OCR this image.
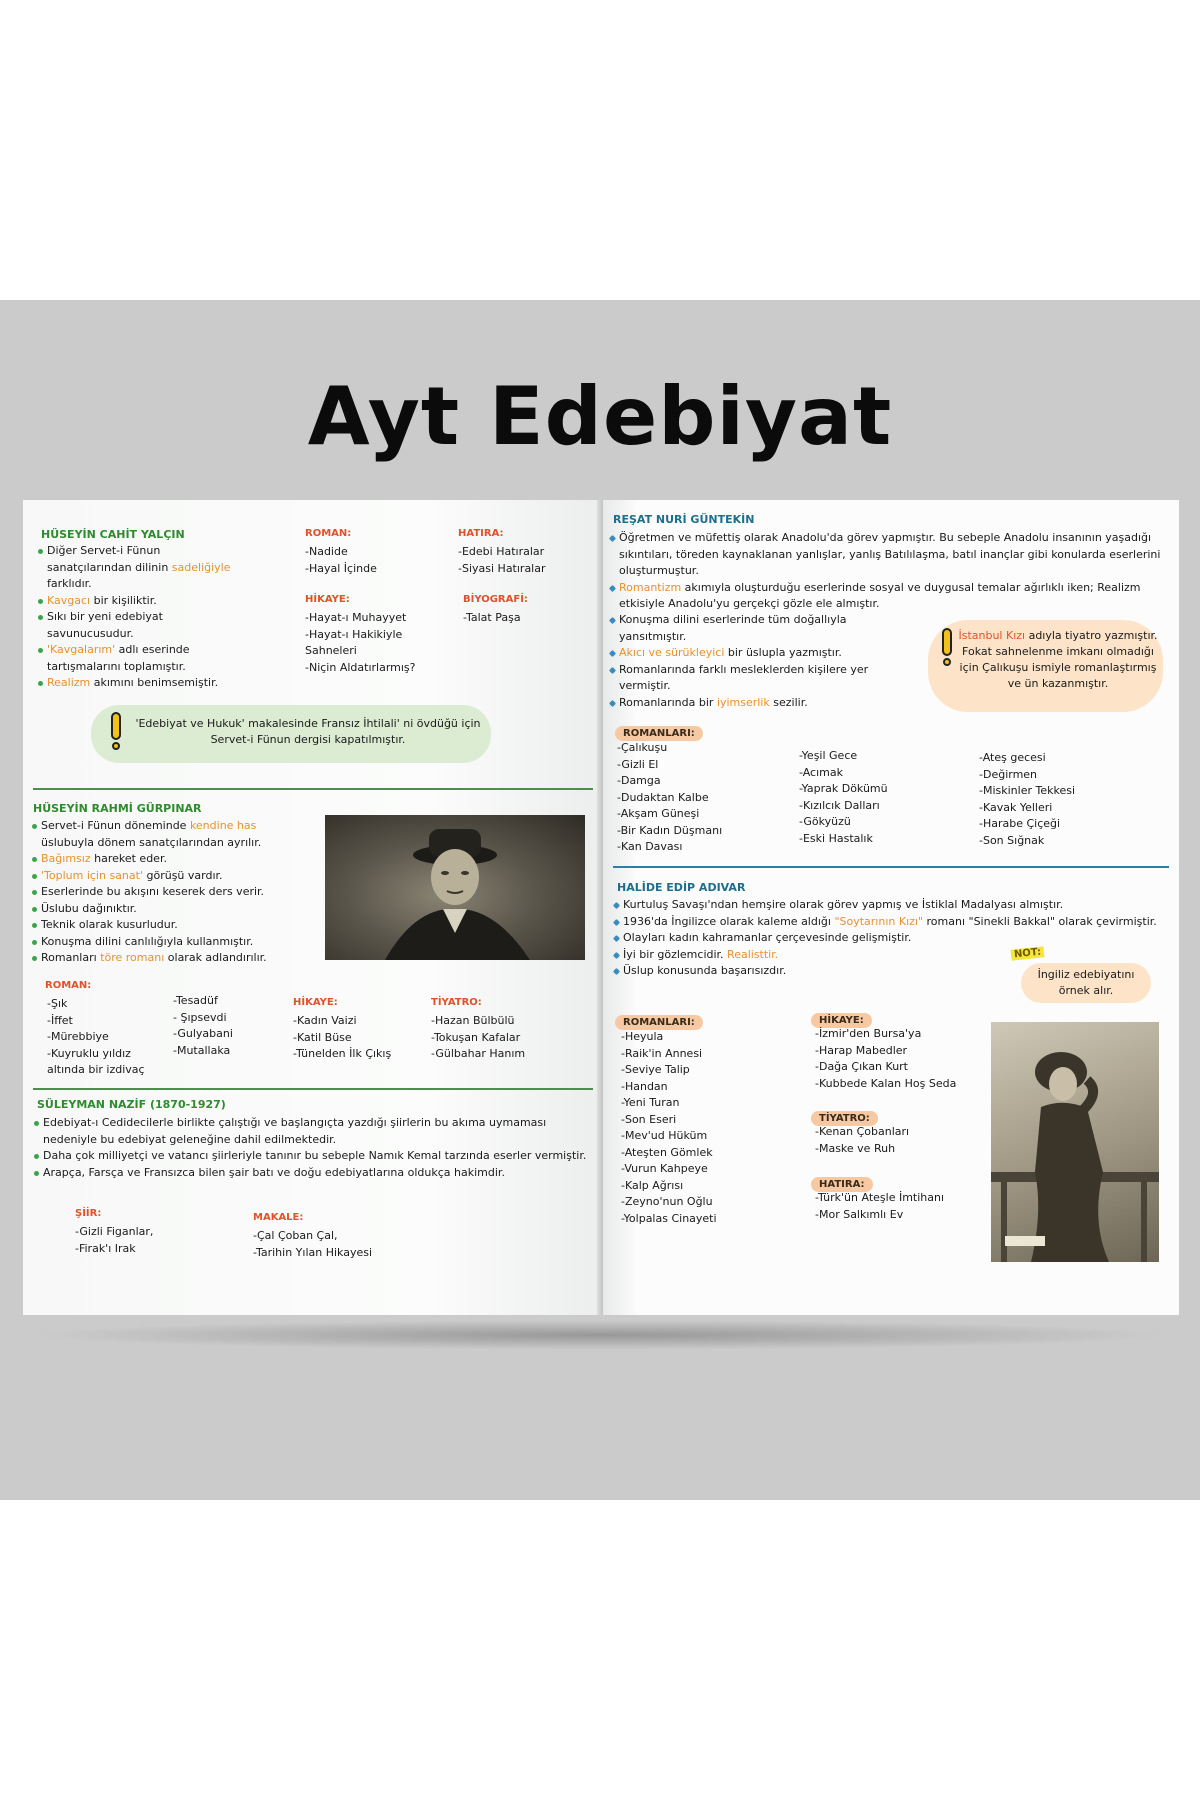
Ayt Edebiyat
HÜSEYİN CAHİT YALÇIN
Diğer Servet-i Fünun sanatçılarından dilinin sadeliğiyle farklıdır.
Kavgacı bir kişiliktir.
Sıkı bir yeni edebiyat savunucusudur.
'Kavgalarım' adlı eserinde tartışmalarını toplamıştır.
Realizm akımını benimsemiştir.
ROMAN:
-Nadide
-Hayal İçinde
HİKAYE:
-Hayat-ı Muhayyet
-Hayat-ı Hakikiyle
Sahneleri
-Niçin Aldatırlarmış?
HATIRA:
-Edebi Hatıralar
-Siyasi Hatıralar
BİYOGRAFİ:
-Talat Paşa
'Edebiyat ve Hukuk' makalesinde Fransız İhtilali' ni övdüğü için Servet-i Fünun dergisi kapatılmıştır.
HÜSEYİN RAHMİ GÜRPINAR
Servet-i Fünun döneminde kendine has üslubuyla dönem sanatçılarından ayrılır.
Bağımsız hareket eder.
'Toplum için sanat' görüşü vardır.
Eserlerinde bu akışını keserek ders verir.
Üslubu dağınıktır.
Teknik olarak kusurludur.
Konuşma dilini canlılığıyla kullanmıştır.
Romanları töre romanı olarak adlandırılır.
ROMAN:
-Şık
-İffet
-Mürebbiye
-Kuyruklu yıldız
altında bir izdivaç
-Tesadüf
- Şıpsevdi
-Gulyabani
-Mutallaka
HİKAYE:
-Kadın Vaizi
-Katil Büse
-Tünelden İlk Çıkış
TİYATRO:
-Hazan Bülbülü
-Tokuşan Kafalar
-Gülbahar Hanım
SÜLEYMAN NAZİF (1870-1927)
Edebiyat-ı Cedidecilerle birlikte çalıştığı ve başlangıçta yazdığı şiirlerin bu akıma uymaması nedeniyle bu edebiyat geleneğine dahil edilmektedir.
Daha çok milliyetçi ve vatancı şiirleriyle tanınır bu sebeple Namık Kemal tarzında eserler vermiştir.
Arapça, Farsça ve Fransızca bilen şair batı ve doğu edebiyatlarına oldukça hakimdir.
ŞİİR:
-Gizli Figanlar,
-Firak'ı Irak
MAKALE:
-Çal Çoban Çal,
-Tarihin Yılan Hikayesi
REŞAT NURİ GÜNTEKİN
Öğretmen ve müfettiş olarak Anadolu'da görev yapmıştır. Bu sebeple Anadolu insanının yaşadığı sıkıntıları, töreden kaynaklanan yanlışlar, yanlış Batılılaşma, batıl inançlar gibi konularda eserlerini oluşturmuştur.
Romantizm akımıyla oluşturduğu eserlerinde sosyal ve duygusal temalar ağırlıklı iken; Realizm etkisiyle Anadolu'yu gerçekçi gözle ele almıştır.
Konuşma dilini eserlerinde tüm doğallıyla yansıtmıştır.
Akıcı ve sürükleyici bir üslupla yazmıştır.
Romanlarında farklı mesleklerden kişilere yer vermiştir.
Romanlarında bir iyimserlik sezilir.
İstanbul Kızı adıyla tiyatro yazmıştır. Fokat sahnelenme imkanı olmadığı için Çalıkuşu ismiyle romanlaştırmış ve ün kazanmıştır.
ROMANLARI:
-Çalıkuşu
-Gizli El
-Damga
-Dudaktan Kalbe
-Akşam Güneşi
-Bir Kadın Düşmanı
-Kan Davası
-Yeşil Gece
-Acımak
-Yaprak Dökümü
-Kızılcık Dalları
-Gökyüzü
-Eski Hastalık
-Ateş gecesi
-Değirmen
-Miskinler Tekkesi
-Kavak Yelleri
-Harabe Çiçeği
-Son Sığnak
HALİDE EDİP ADIVAR
Kurtuluş Savaşı'ndan hemşire olarak görev yapmış ve İstiklal Madalyası almıştır.
1936'da İngilizce olarak kaleme aldığı "Soytarının Kızı" romanı "Sinekli Bakkal" olarak çevirmiştir.
Olayları kadın kahramanlar çerçevesinde gelişmiştir.
İyi bir gözlemcidir. Realisttir.
Üslup konusunda başarısızdır.
NOT:
İngiliz edebiyatını örnek alır.
ROMANLARI:
-Heyula
-Raik'in Annesi
-Seviye Talip
-Handan
-Yeni Turan
-Son Eseri
-Mev'ud Hüküm
-Ateşten Gömlek
-Vurun Kahpeye
-Kalp Ağrısı
-Zeyno'nun Oğlu
-Yolpalas Cinayeti
HİKAYE:
-İzmir'den Bursa'ya
-Harap Mabedler
-Dağa Çıkan Kurt
-Kubbede Kalan Hoş Seda
TİYATRO:
-Kenan Çobanları
-Maske ve Ruh
HATIRA:
-Türk'ün Ateşle İmtihanı
-Mor Salkımlı Ev
